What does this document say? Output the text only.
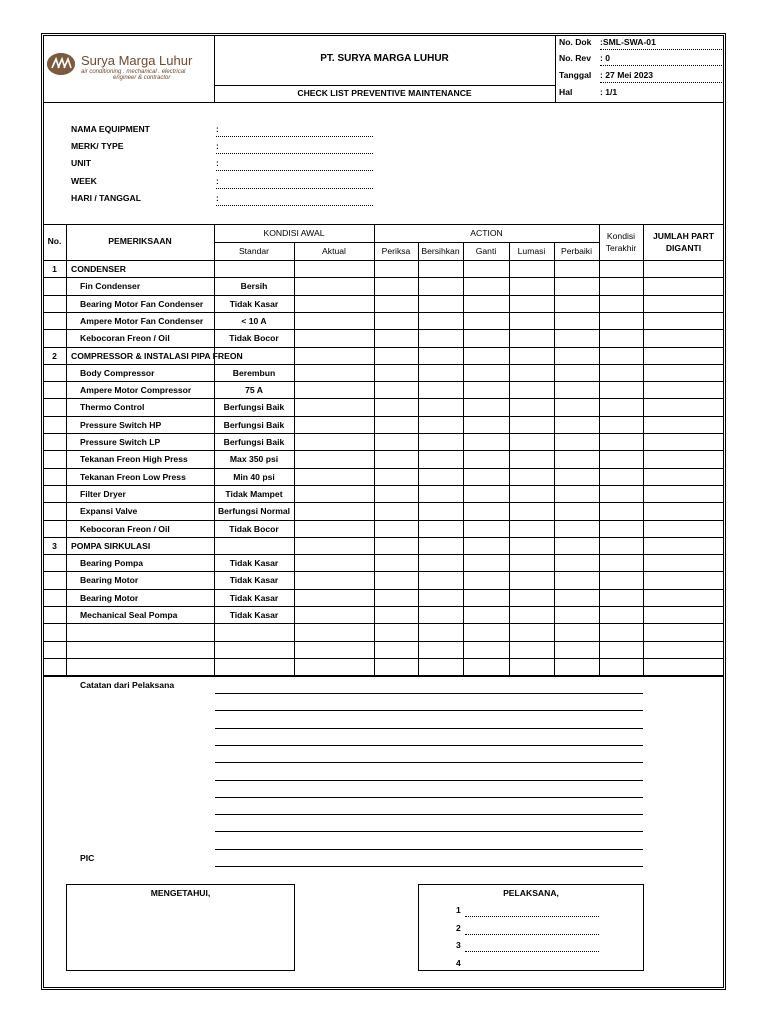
Surya Marga Luhur
air conditioning . mechanical . electrical
engineer & contractor
PT. SURYA MARGA LUHUR
CHECK LIST PREVENTIVE MAINTENANCE
No. Dok :SML-SWA-01
No. Rev : 0
Tanggal : 27 Mei 2023
Hal	: 1/1
NAMA EQUIPMENT	:
MERK/ TYPE	:
UNIT	:
WEEK	:
HARI / TANGGAL	:
No.	PEMERIKSAAN
KONDISI AWAL
Standar	Aktual
ACTION
Periksa	Bersihkan	Ganti	Lumasi	Perbaiki
Kondisi
Terakhir
JUMLAH PART
DIGANTI
1	CONDENSER
Fin Condenser	Bersih
Bearing Motor Fan Condenser	Tidak Kasar
Ampere Motor Fan Condenser	< 10 A
Kebocoran Freon / Oil	Tidak Bocor
2	COMPRESSOR & INSTALASI PIPA FREON
Body Compressor	Berembun
Ampere Motor Compressor	75 A
Thermo Control	Berfungsi Baik
Pressure Switch HP	Berfungsi Baik
Pressure Switch LP	Berfungsi Baik
Tekanan Freon High Press	Max 350 psi
Tekanan Freon Low Press	Min 40 psi
Filter Dryer	Tidak Mampet
Expansi Valve	Berfungsi Normal
Kebocoran Freon / Oil	Tidak Bocor
3	POMPA SIRKULASI
Bearing Pompa	Tidak Kasar
Bearing Motor	Tidak Kasar
Bearing Motor	Tidak Kasar
Mechanical Seal Pompa	Tidak Kasar
Catatan dari Pelaksana
PIC
MENGETAHUI,	PELAKSANA,
1
2
3
4
